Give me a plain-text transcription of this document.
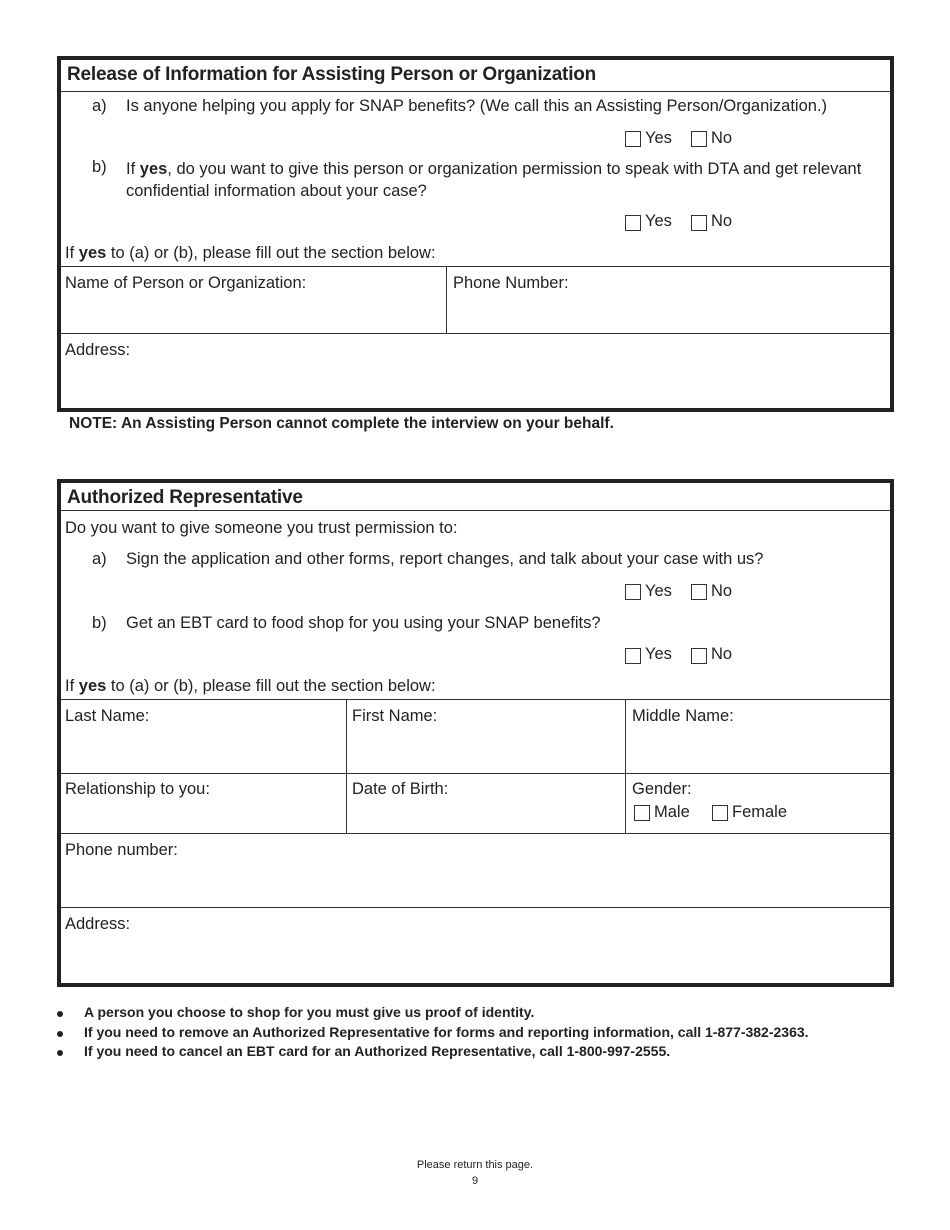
Release of Information for Assisting Person or Organization
a) Is anyone helping you apply for SNAP benefits? (We call this an Assisting Person/Organization.)
Yes No
b) If yes, do you want to give this person or organization permission to speak with DTA and get relevant confidential information about your case?
Yes No
If yes to (a) or (b), please fill out the section below:
Name of Person or Organization:	Phone Number:
Address:
NOTE: An Assisting Person cannot complete the interview on your behalf.
Authorized Representative
Do you want to give someone you trust permission to:
a) Sign the application and other forms, report changes, and talk about your case with us?
Yes No
b) Get an EBT card to food shop for you using your SNAP benefits?
Yes No
If yes to (a) or (b), please fill out the section below:
Last Name:	First Name:	Middle Name:
Relationship to you:	Date of Birth:	Gender:
Male	Female
Phone number:
Address:
A person you choose to shop for you must give us proof of identity.
If you need to remove an Authorized Representative for forms and reporting information, call 1-877-382-2363.
If you need to cancel an EBT card for an Authorized Representative, call 1-800-997-2555.
Please return this page.
9
